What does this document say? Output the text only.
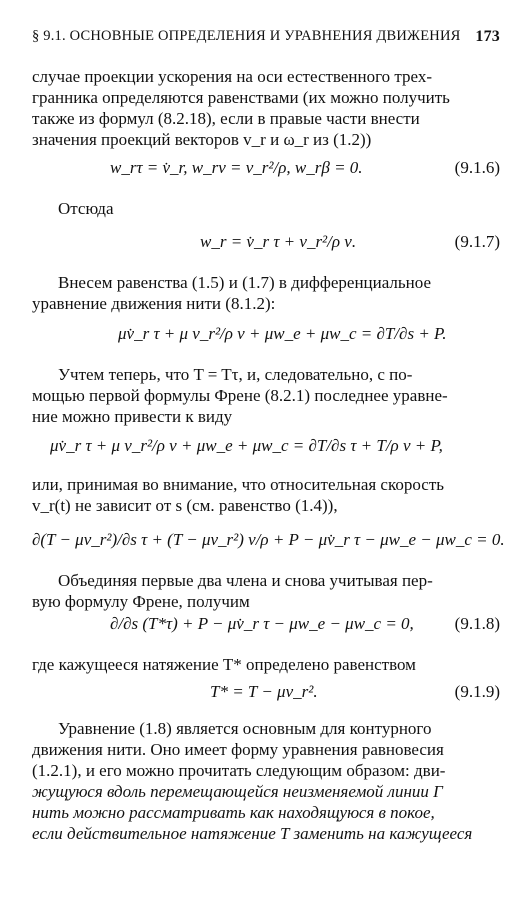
§ 9.1. ОСНОВНЫЕ ОПРЕДЕЛЕНИЯ И УРАВНЕНИЯ ДВИЖЕНИЯ 173
случае проекции ускорения на оси естественного трех-
гранника определяются равенствами (их можно получить
также из формул (8.2.18), если в правые части внести
значения проекций векторов v_r и ω_r из (1.2))
w_rτ = v̇_r, w_rν = v_r²/ρ, w_rβ = 0.	(9.1.6)
Отсюда
w_r = v̇_r τ + v_r²/ρ ν.	(9.1.7)
Внесем равенства (1.5) и (1.7) в дифференциальное
уравнение движения нити (8.1.2):
μv̇_r τ + μ v_r²/ρ ν + μw_e + μw_c = ∂T/∂s + P.
Учтем теперь, что T = Tτ, и, следовательно, с по-
мощью первой формулы Френе (8.2.1) последнее уравне-
ние можно привести к виду
μv̇_r τ + μ v_r²/ρ ν + μw_e + μw_c = ∂T/∂s τ + T/ρ ν + P,
или, принимая во внимание, что относительная скорость
v_r(t) не зависит от s (см. равенство (1.4)),
∂(T − μv_r²)/∂s τ + (T − μv_r²) ν/ρ + P − μv̇_r τ − μw_e − μw_c = 0.
Объединяя первые два члена и снова учитывая пер-
вую формулу Френе, получим
∂/∂s (T*τ) + P − μv̇_r τ − μw_e − μw_c = 0, (9.1.8)
где кажущееся натяжение T* определено равенством
T* = T − μv_r².	(9.1.9)
Уравнение (1.8) является основным для контурного
движения нити. Оно имеет форму уравнения равновесия
(1.2.1), и его можно прочитать следующим образом: дви-
жущуюся вдоль перемещающейся неизменяемой линии Г
нить можно рассматривать как находящуюся в покое,
если действительное натяжение T заменить на кажущееся
